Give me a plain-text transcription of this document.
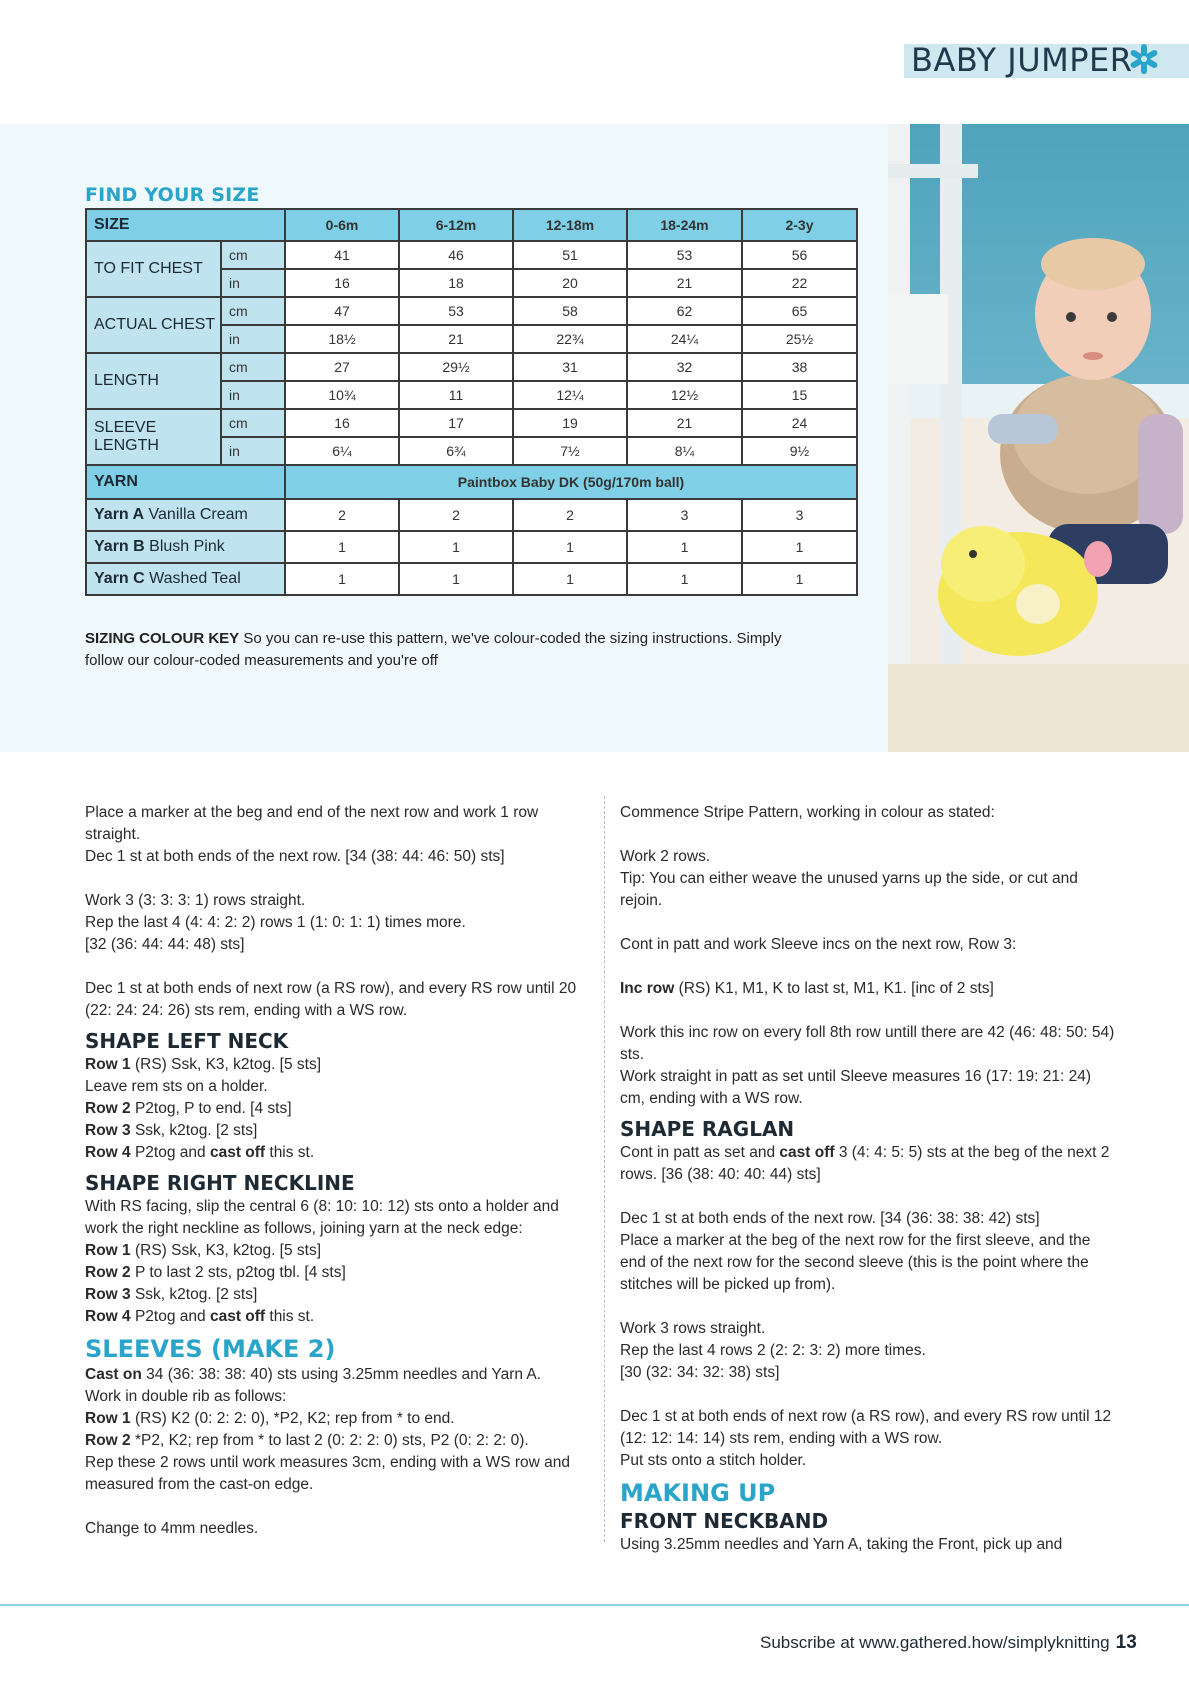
BABY JUMPER
FIND YOUR SIZE
SIZE		0-6m	6-12m	12-18m	18-24m	2-3y
TO FIT CHEST	cm	41	46	51	53	56
	in	16	18	20	21	22
ACTUAL CHEST	cm	47	53	58	62	65
	in	18½	21	22¾	24¼	25½
LENGTH	cm	27	29½	31	32	38
	in	10¾	11	12¼	12½	15
SLEEVE LENGTH	cm	16	17	19	21	24
	in	6¼	6¾	7½	8¼	9½
YARN		Paintbox Baby DK (50g/170m ball)				
Yarn A Vanilla Cream		2	2	2	3	3
Yarn B Blush Pink		1	1	1	1	1
Yarn C Washed Teal		1	1	1	1	1
SIZING COLOUR KEY So you can re-use this pattern, we've colour-coded the sizing instructions. Simply follow our colour-coded measurements and you're off

Place a marker at the beg and end of the next row and work 1 row straight.

Dec 1 st at both ends of the next row. [34 (38: 44: 46: 50) sts]

Work 3 (3: 3: 3: 1) rows straight.

Rep the last 4 (4: 4: 2: 2) rows 1 (1: 0: 1: 1) times more.

[32 (36: 44: 44: 48) sts]

Dec 1 st at both ends of next row (a RS row), and every RS row until 20 (22: 24: 24: 26) sts rem, ending with a WS row.

SHAPE LEFT NECK

Row 1 (RS) Ssk, K3, k2tog. [5 sts]

Leave rem sts on a holder.

Row 2 P2tog, P to end. [4 sts]

Row 3 Ssk, k2tog. [2 sts]

Row 4 P2tog and cast off this st.

SHAPE RIGHT NECKLINE

With RS facing, slip the central 6 (8: 10: 10: 12) sts onto a holder and work the right neckline as follows, joining yarn at the neck edge:

Row 1 (RS) Ssk, K3, k2tog. [5 sts]

Row 2 P to last 2 sts, p2tog tbl. [4 sts]

Row 3 Ssk, k2tog. [2 sts]

Row 4 P2tog and cast off this st.

SLEEVES (MAKE 2)

Cast on 34 (36: 38: 38: 40) sts using 3.25mm needles and Yarn A.

Work in double rib as follows:

Row 1 (RS) K2 (0: 2: 2: 0), *P2, K2; rep from * to end.

Row 2 *P2, K2; rep from * to last 2 (0: 2: 2: 0) sts, P2 (0: 2: 2: 0).

Rep these 2 rows until work measures 3cm, ending with a WS row and measured from the cast-on edge.

Change to 4mm needles.

Commence Stripe Pattern, working in colour as stated:

Work 2 rows.

Tip: You can either weave the unused yarns up the side, or cut and rejoin.

Cont in patt and work Sleeve incs on the next row, Row 3:

Inc row (RS) K1, M1, K to last st, M1, K1. [inc of 2 sts]

Work this inc row on every foll 8th row untill there are 42 (46: 48: 50: 54) sts.

Work straight in patt as set until Sleeve measures 16 (17: 19: 21: 24) cm, ending with a WS row.

SHAPE RAGLAN

Cont in patt as set and cast off 3 (4: 4: 5: 5) sts at the beg of the next 2 rows. [36 (38: 40: 40: 44) sts]

Dec 1 st at both ends of the next row. [34 (36: 38: 38: 42) sts]

Place a marker at the beg of the next row for the first sleeve, and the end of the next row for the second sleeve (this is the point where the stitches will be picked up from).

Work 3 rows straight.

Rep the last 4 rows 2 (2: 2: 3: 2) more times.

[30 (32: 34: 32: 38) sts]

Dec 1 st at both ends of next row (a RS row), and every RS row until 12 (12: 12: 14: 14) sts rem, ending with a WS row.

Put sts onto a stitch holder.

MAKING UP
FRONT NECKBAND

Using 3.25mm needles and Yarn A, taking the Front, pick up and

Subscribe at www.gathered.how/simplyknitting 13
